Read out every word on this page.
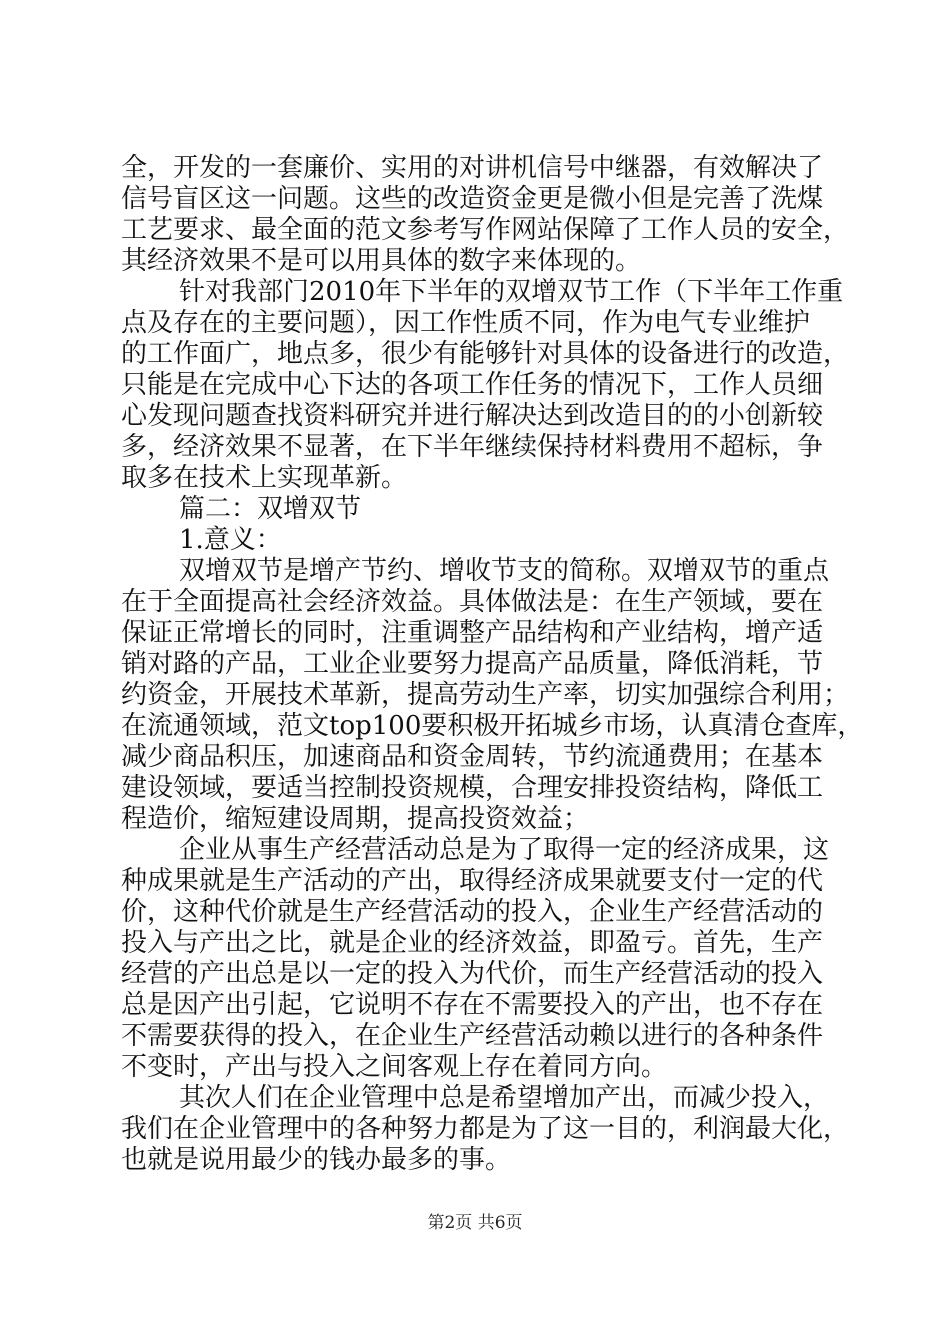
全，开发的一套廉价、实用的对讲机信号中继器，有效解决了
信号盲区这一问题。这些的改造资金更是微小但是完善了洗煤
工艺要求、最全面的范文参考写作网站保障了工作人员的安全，
其经济效果不是可以用具体的数字来体现的。
针对我部门2010年下半年的双增双节工作（下半年工作重
点及存在的主要问题），因工作性质不同，作为电气专业维护
的工作面广，地点多，很少有能够针对具体的设备进行的改造，
只能是在完成中心下达的各项工作任务的情况下，工作人员细
心发现问题查找资料研究并进行解决达到改造目的的小创新较
多，经济效果不显著，在下半年继续保持材料费用不超标，争
取多在技术上实现革新。
篇二：双增双节
1.意义：
双增双节是增产节约、增收节支的简称。双增双节的重点
在于全面提高社会经济效益。具体做法是：在生产领域，要在
保证正常增长的同时，注重调整产品结构和产业结构，增产适
销对路的产品，工业企业要努力提高产品质量，降低消耗，节
约资金，开展技术革新，提高劳动生产率，切实加强综合利用；
在流通领域，范文top100要积极开拓城乡市场，认真清仓查库，
减少商品积压，加速商品和资金周转，节约流通费用；在基本
建设领域，要适当控制投资规模，合理安排投资结构，降低工
程造价，缩短建设周期，提高投资效益；
企业从事生产经营活动总是为了取得一定的经济成果，这
种成果就是生产活动的产出，取得经济成果就要支付一定的代
价，这种代价就是生产经营活动的投入，企业生产经营活动的
投入与产出之比，就是企业的经济效益，即盈亏。首先，生产
经营的产出总是以一定的投入为代价，而生产经营活动的投入
总是因产出引起，它说明不存在不需要投入的产出，也不存在
不需要获得的投入，在企业生产经营活动赖以进行的各种条件
不变时，产出与投入之间客观上存在着同方向。
其次人们在企业管理中总是希望增加产出，而减少投入，
我们在企业管理中的各种努力都是为了这一目的，利润最大化，
也就是说用最少的钱办最多的事。
第2页 共6页
